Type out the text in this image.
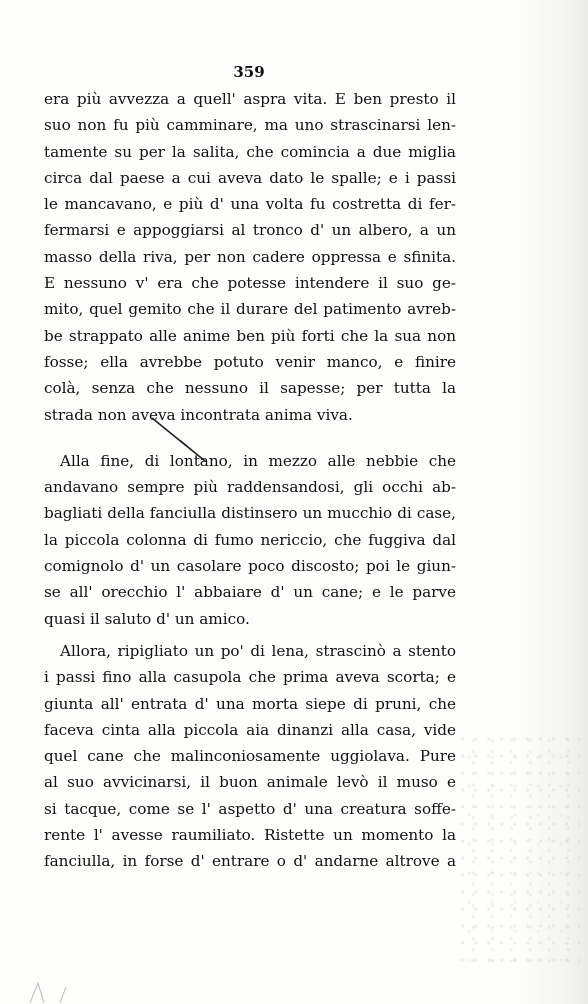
359
era più avvezza a quell' aspra vita. E ben presto il
suo non fu più camminare, ma uno strascinarsi len-
tamente su per la salita, che comincia a due miglia
circa dal paese a cui aveva dato le spalle; e i passi
le mancavano, e più d' una volta fu costretta di fer-
fermarsi e appoggiarsi al tronco d' un albero, a un
masso della riva, per non cadere oppressa e sfinita.
E nessuno v' era che potesse intendere il suo ge-
mito, quel gemito che il durare del patimento avreb-
be strappato alle anime ben più forti che la sua non
fosse; ella avrebbe potuto venir manco, e finire
colà, senza che nessuno il sapesse; per tutta la
strada non aveva incontrata anima viva.
Alla fine, di lontano, in mezzo alle nebbie che
andavano sempre più raddensandosi, gli occhi ab-
bagliati della fanciulla distinsero un mucchio di case,
la piccola colonna di fumo nericcio, che fuggiva dal
comignolo d' un casolare poco discosto; poi le giun-
se all' orecchio l' abbaiare d' un cane; e le parve
quasi il saluto d' un amico.
Allora, ripigliato un po' di lena, strascinò a stento
i passi fino alla casupola che prima aveva scorta; e
giunta all' entrata d' una morta siepe di pruni, che
faceva cinta alla piccola aia dinanzi alla casa, vide
quel cane che malinconiosamente uggiolava. Pure
al suo avvicinarsi, il buon animale levò il muso e
si tacque, come se l' aspetto d' una creatura soffe-
rente l' avesse raumiliato. Ristette un momento la
fanciulla, in forse d' entrare o d' andarne altrove a
